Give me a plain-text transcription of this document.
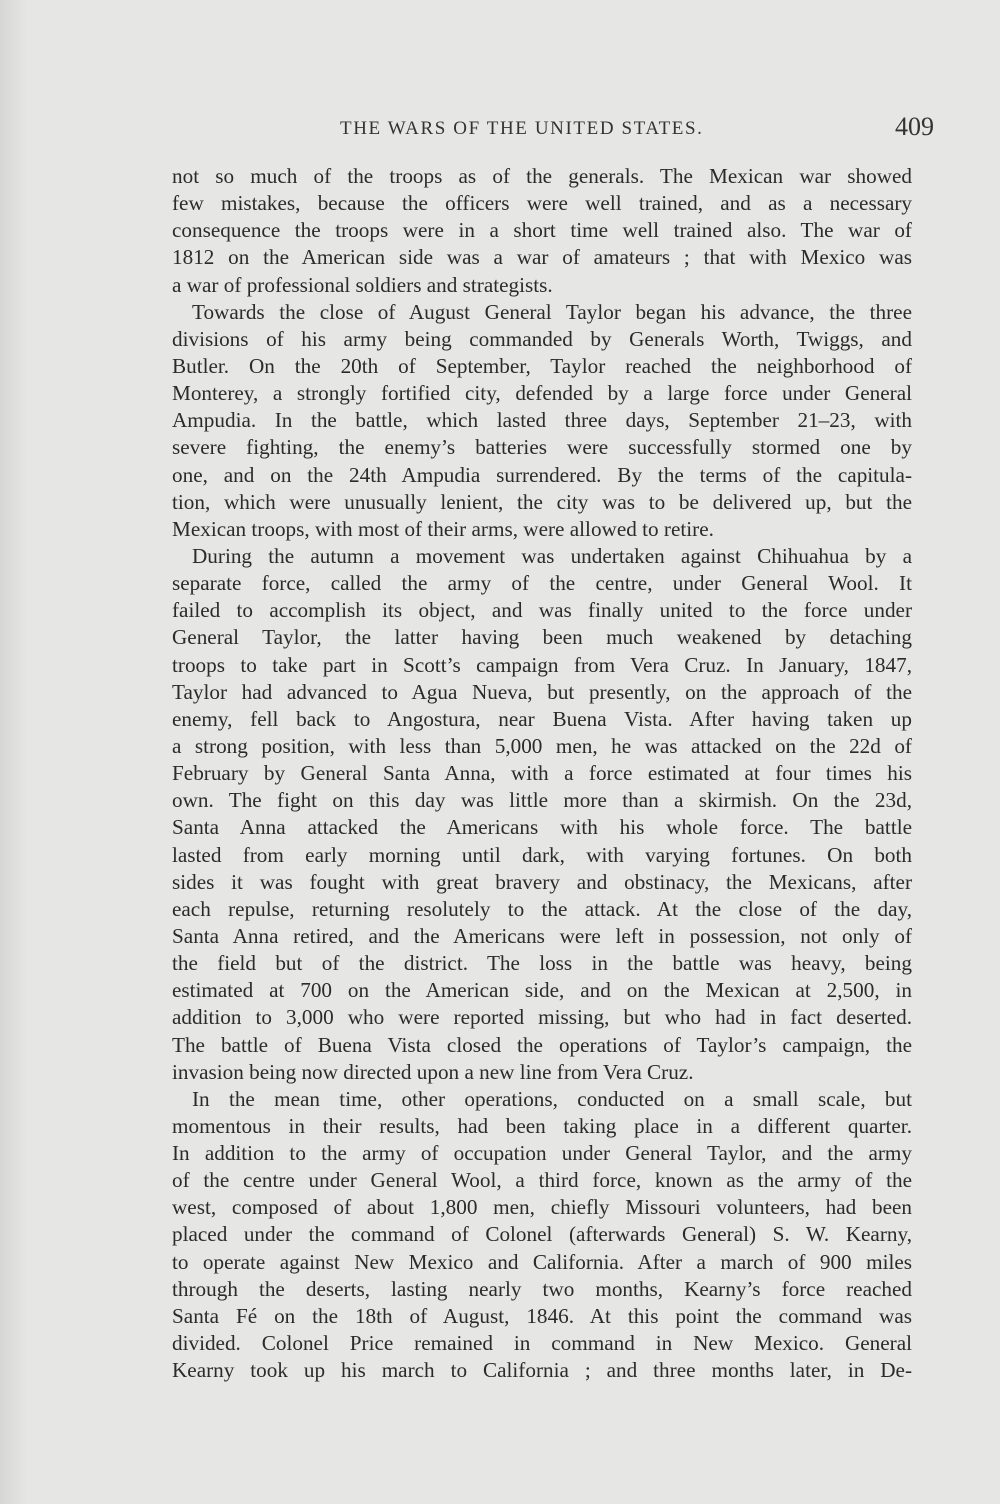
THE WARS OF THE UNITED STATES.	409
not so much of the troops as of the generals. The Mexican war showed
few mistakes, because the officers were well trained, and as a necessary
consequence the troops were in a short time well trained also. The war of
1812 on the American side was a war of amateurs ; that with Mexico was
a war of professional soldiers and strategists.
Towards the close of August General Taylor began his advance, the three
divisions of his army being commanded by Generals Worth, Twiggs, and
Butler. On the 20th of September, Taylor reached the neighborhood of
Monterey, a strongly fortified city, defended by a large force under General
Ampudia. In the battle, which lasted three days, September 21–23, with
severe fighting, the enemy’s batteries were successfully stormed one by
one, and on the 24th Ampudia surrendered. By the terms of the capitula-
tion, which were unusually lenient, the city was to be delivered up, but the
Mexican troops, with most of their arms, were allowed to retire.
During the autumn a movement was undertaken against Chihuahua by a
separate force, called the army of the centre, under General Wool. It
failed to accomplish its object, and was finally united to the force under
General Taylor, the latter having been much weakened by detaching
troops to take part in Scott’s campaign from Vera Cruz. In January, 1847,
Taylor had advanced to Agua Nueva, but presently, on the approach of the
enemy, fell back to Angostura, near Buena Vista. After having taken up
a strong position, with less than 5,000 men, he was attacked on the 22d of
February by General Santa Anna, with a force estimated at four times his
own. The fight on this day was little more than a skirmish. On the 23d,
Santa Anna attacked the Americans with his whole force. The battle
lasted from early morning until dark, with varying fortunes. On both
sides it was fought with great bravery and obstinacy, the Mexicans, after
each repulse, returning resolutely to the attack. At the close of the day,
Santa Anna retired, and the Americans were left in possession, not only of
the field but of the district. The loss in the battle was heavy, being
estimated at 700 on the American side, and on the Mexican at 2,500, in
addition to 3,000 who were reported missing, but who had in fact deserted.
The battle of Buena Vista closed the operations of Taylor’s campaign, the
invasion being now directed upon a new line from Vera Cruz.
In the mean time, other operations, conducted on a small scale, but
momentous in their results, had been taking place in a different quarter.
In addition to the army of occupation under General Taylor, and the army
of the centre under General Wool, a third force, known as the army of the
west, composed of about 1,800 men, chiefly Missouri volunteers, had been
placed under the command of Colonel (afterwards General) S. W. Kearny,
to operate against New Mexico and California. After a march of 900 miles
through the deserts, lasting nearly two months, Kearny’s force reached
Santa Fé on the 18th of August, 1846. At this point the command was
divided. Colonel Price remained in command in New Mexico. General
Kearny took up his march to California ; and three months later, in De-
